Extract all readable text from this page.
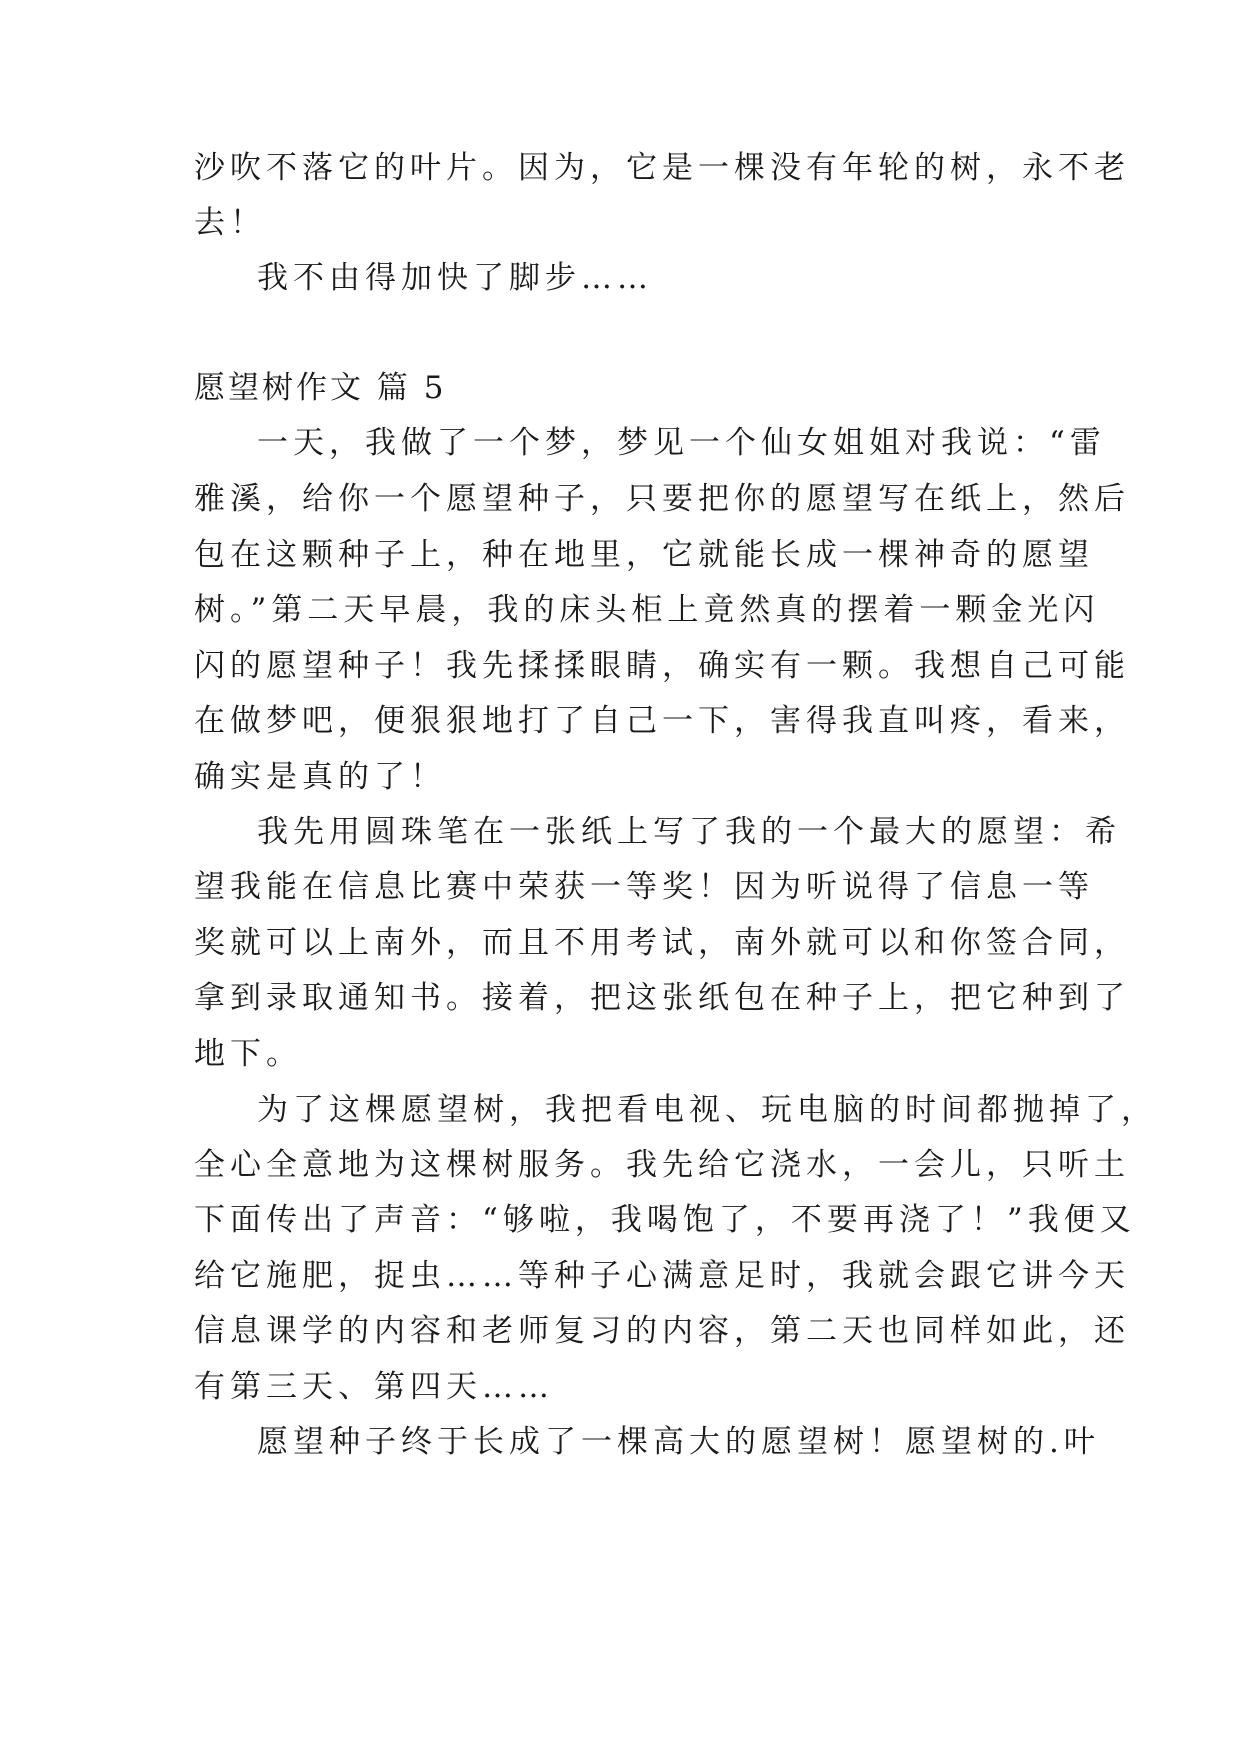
沙吹不落它的叶片。因为，它是一棵没有年轮的树，永不老
去！
我不由得加快了脚步……
愿望树作文 篇 5
一天，我做了一个梦，梦见一个仙女姐姐对我说：“雷
雅溪，给你一个愿望种子，只要把你的愿望写在纸上，然后
包在这颗种子上，种在地里，它就能长成一棵神奇的愿望
树。”第二天早晨，我的床头柜上竟然真的摆着一颗金光闪
闪的愿望种子！我先揉揉眼睛，确实有一颗。我想自己可能
在做梦吧，便狠狠地打了自己一下，害得我直叫疼，看来，
确实是真的了！
我先用圆珠笔在一张纸上写了我的一个最大的愿望：希
望我能在信息比赛中荣获一等奖！因为听说得了信息一等
奖就可以上南外，而且不用考试，南外就可以和你签合同，
拿到录取通知书。接着，把这张纸包在种子上，把它种到了
地下。
为了这棵愿望树，我把看电视、玩电脑的时间都抛掉了，
全心全意地为这棵树服务。我先给它浇水，一会儿，只听土
下面传出了声音：“够啦，我喝饱了，不要再浇了！”我便又
给它施肥，捉虫……等种子心满意足时，我就会跟它讲今天
信息课学的内容和老师复习的内容，第二天也同样如此，还
有第三天、第四天……
愿望种子终于长成了一棵高大的愿望树！愿望树的.叶
